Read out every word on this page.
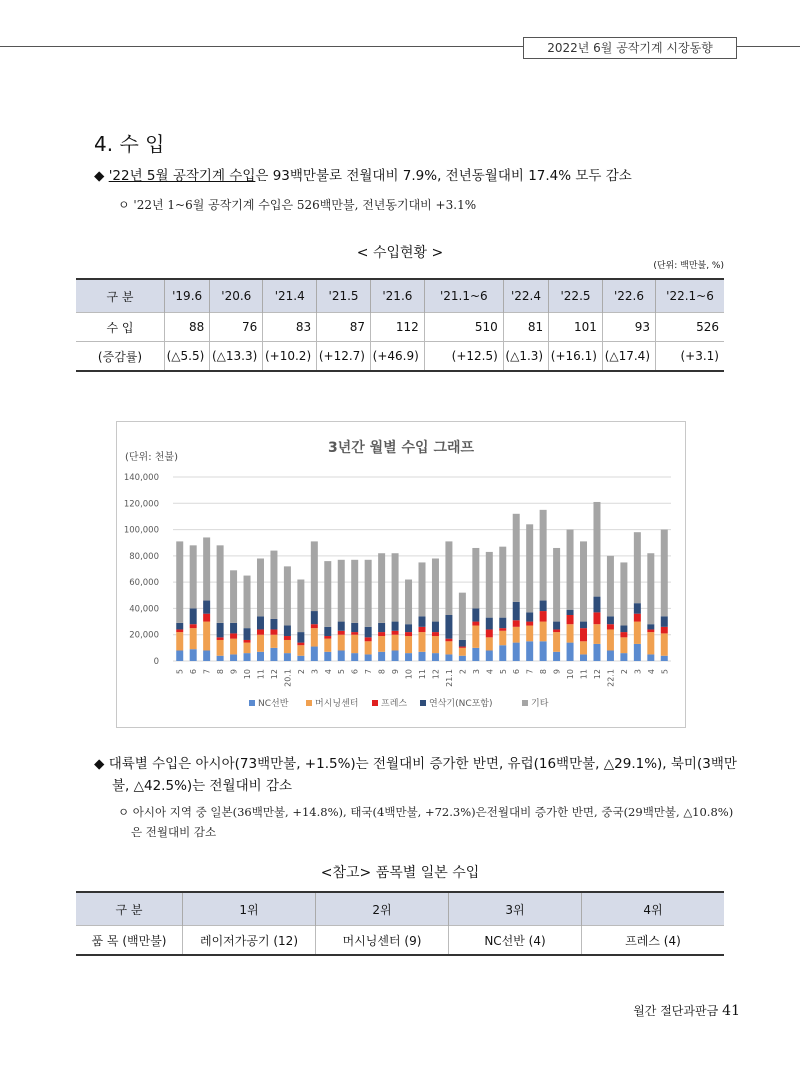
2022년 6월 공작기계 시장동향
4. 수 입
◆ '22년 5월 공작기계 수입은 93백만불로 전월대비 7.9%, 전년동월대비 17.4% 모두 감소
ㅇ '22년 1~6월 공작기계 수입은 526백만불, 전년동기대비 +3.1%
< 수입현황 >
(단위: 백만불, %)
구 분	'19.6	'20.6	'21.4	'21.5	'21.6	'21.1~6	'22.4	'22.5	'22.6	'22.1~6
수 입	88	76	83	87	112	510	81	101	93	526
(증감률)	(△5.5)	(△13.3)	(+10.2)	(+12.7)	(+46.9)	(+12.5)	(△1.3)	(+16.1)	(△17.4)	(+3.1)
3년간 월별 수입 그래프
(단위: 천불)
0
20,000
40,000
60,000
80,000
100,000
120,000
140,000
5 6 7 8 9 10 11 12 20.1 2 3 4 5 6 7 8 9 10 11 12 21.1 2 3 4 5 6 7 8 9 10 11 12 22.1 2 3 4 5
NC선반	머시닝센터	프레스 연삭기(NC포함)	기타
◆ 대륙별 수입은 아시아(73백만불, +1.5%)는 전월대비 증가한 반면, 유럽(16백만불, △29.1%), 북미(3백만
불, △42.5%)는 전월대비 감소
ㅇ 아시아 지역 중 일본(36백만불, +14.8%), 태국(4백만불, +72.3%)은전월대비 증가한 반면, 중국(29백만불, △10.8%)
은 전월대비 감소
<참고> 품목별 일본 수입
구 분	1위	2위	3위	4위
품 목 (백만불)	레이저가공기 (12)	머시닝센터 (9)	NC선반 (4)	프레스 (4)
월간 절단과판금 41
